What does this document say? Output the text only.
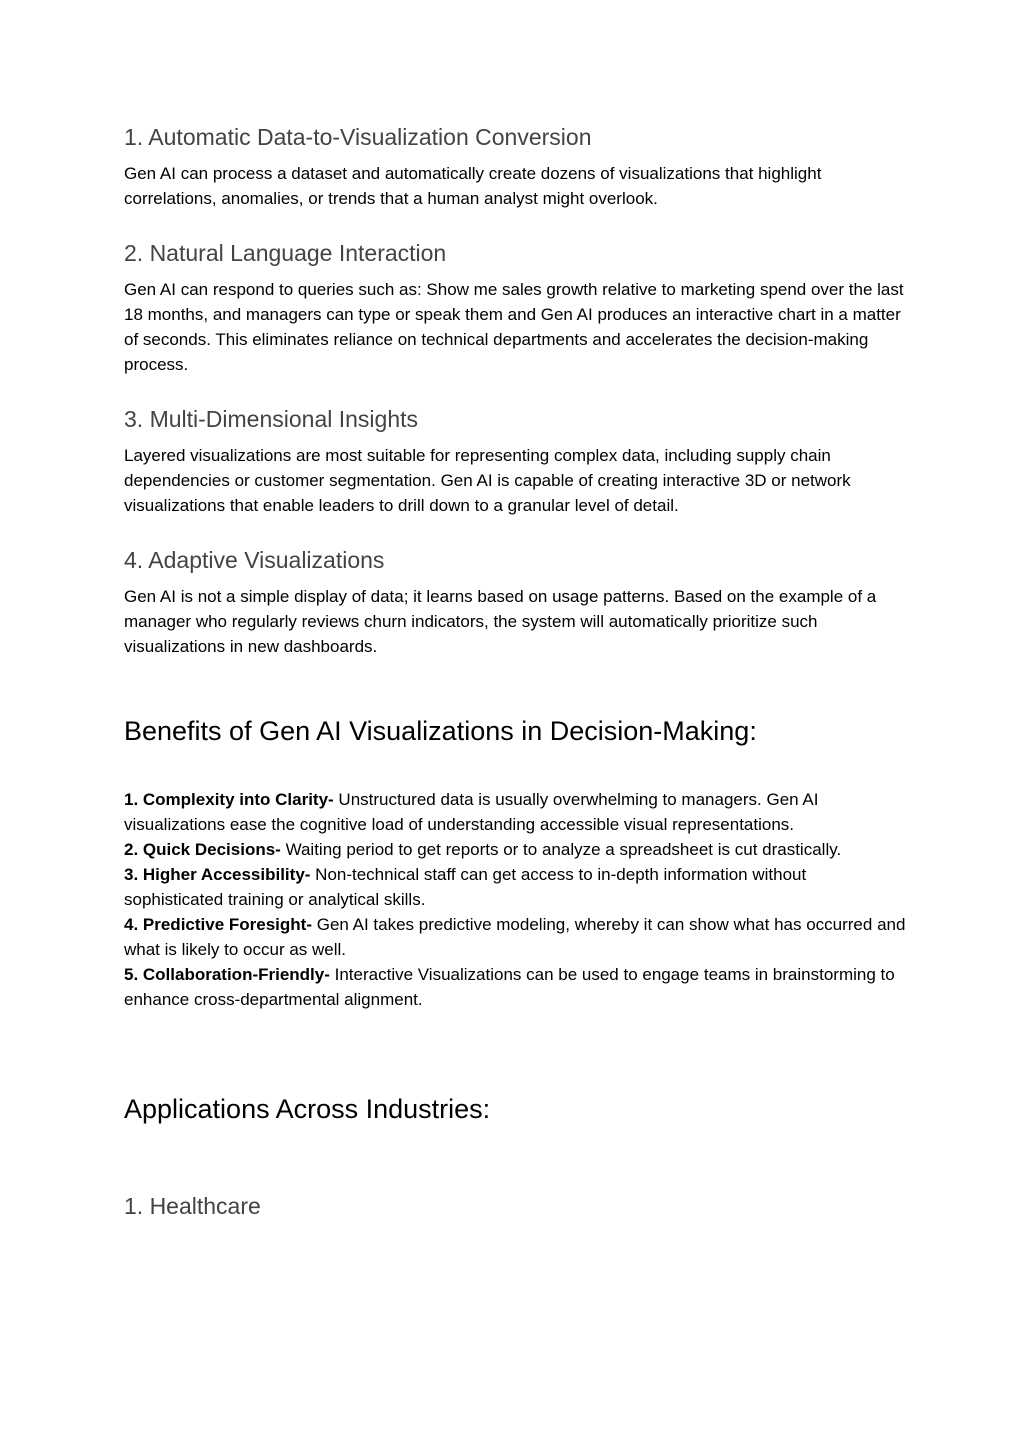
1. Automatic Data-to-Visualization Conversion

Gen AI can process a dataset and automatically create dozens of visualizations that highlight correlations, anomalies, or trends that a human analyst might overlook.

2. Natural Language Interaction

Gen AI can respond to queries such as: Show me sales growth relative to marketing spend over the last 18 months, and managers can type or speak them and Gen AI produces an interactive chart in a matter of seconds. This eliminates reliance on technical departments and accelerates the decision-making process.

3. Multi-Dimensional Insights

Layered visualizations are most suitable for representing complex data, including supply chain dependencies or customer segmentation. Gen AI is capable of creating interactive 3D or network visualizations that enable leaders to drill down to a granular level of detail.

4. Adaptive Visualizations

Gen AI is not a simple display of data; it learns based on usage patterns. Based on the example of a manager who regularly reviews churn indicators, the system will automatically prioritize such visualizations in new dashboards.

Benefits of Gen AI Visualizations in Decision-Making:

1. Complexity into Clarity- Unstructured data is usually overwhelming to managers. Gen AI visualizations ease the cognitive load of understanding accessible visual representations.

2. Quick Decisions- Waiting period to get reports or to analyze a spreadsheet is cut drastically.

3. Higher Accessibility- Non-technical staff can get access to in-depth information without sophisticated training or analytical skills.

4. Predictive Foresight- Gen AI takes predictive modeling, whereby it can show what has occurred and what is likely to occur as well.

5. Collaboration-Friendly- Interactive Visualizations can be used to engage teams in brainstorming to enhance cross-departmental alignment.

Applications Across Industries:
1. Healthcare
